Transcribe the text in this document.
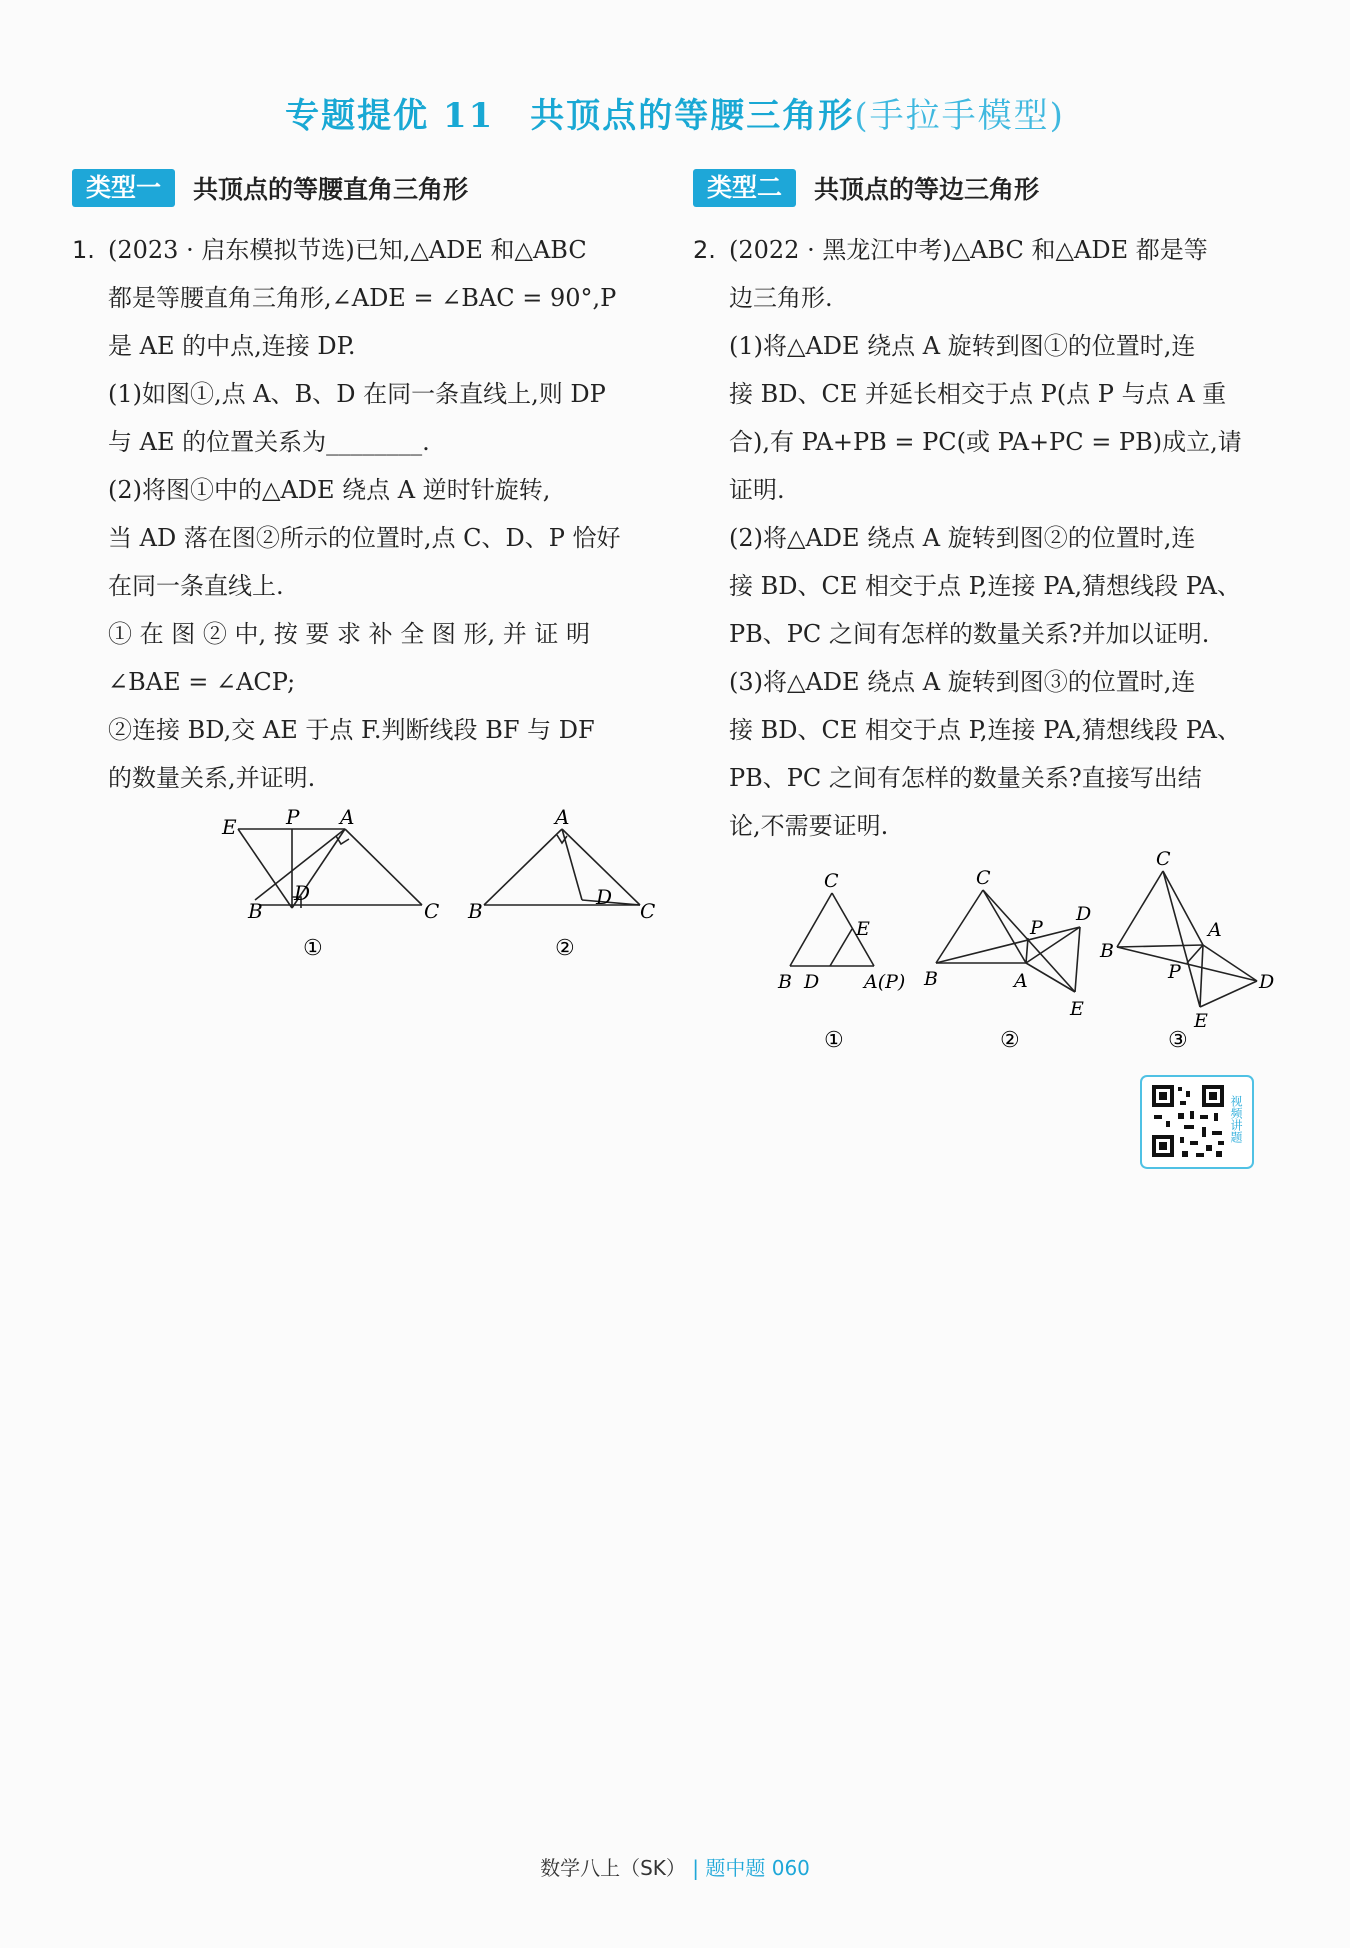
专题提优 11　共顶点的等腰三角形(手拉手模型)
类型一	共顶点的等腰直角三角形
1. (2023 · 启东模拟节选)已知,△ADE 和△ABC

都是等腰直角三角形,∠ADE = ∠BAC = 90°,P

是 AE 的中点,连接 DP.

(1)如图①,点 A、B、D 在同一条直线上,则 DP

与 AE 的位置关系为________.

(2)将图①中的△ADE 绕点 A 逆时针旋转,

当 AD 落在图②所示的位置时,点 C、D、P 恰好

在同一条直线上.

① 在 图 ② 中, 按 要 求 补 全 图 形, 并 证 明

∠BAE = ∠ACP;

②连接 BD,交 AE 于点 F.判断线段 BF 与 DF

的数量关系,并证明.

E P A
B
D
C
①
A
B
D
C
②
类型二	共顶点的等边三角形
2. (2022 · 黑龙江中考)△ABC 和△ADE 都是等

边三角形.

(1)将△ADE 绕点 A 旋转到图①的位置时,连

接 BD、CE 并延长相交于点 P(点 P 与点 A 重

合),有 PA+PB = PC(或 PA+PC = PB)成立,请

证明.

(2)将△ADE 绕点 A 旋转到图②的位置时,连

接 BD、CE 相交于点 P,连接 PA,猜想线段 PA、

PB、PC 之间有怎样的数量关系?并加以证明.

(3)将△ADE 绕点 A 旋转到图③的位置时,连

接 BD、CE 相交于点 P,连接 PA,猜想线段 PA、

PB、PC 之间有怎样的数量关系?直接写出结

论,不需要证明.

C
E
B D A(P)
①
C
P
D
B	A
E
②
C
A
B
P	D
E
③
视频讲题
数学八上（SK） | 题中题 060
